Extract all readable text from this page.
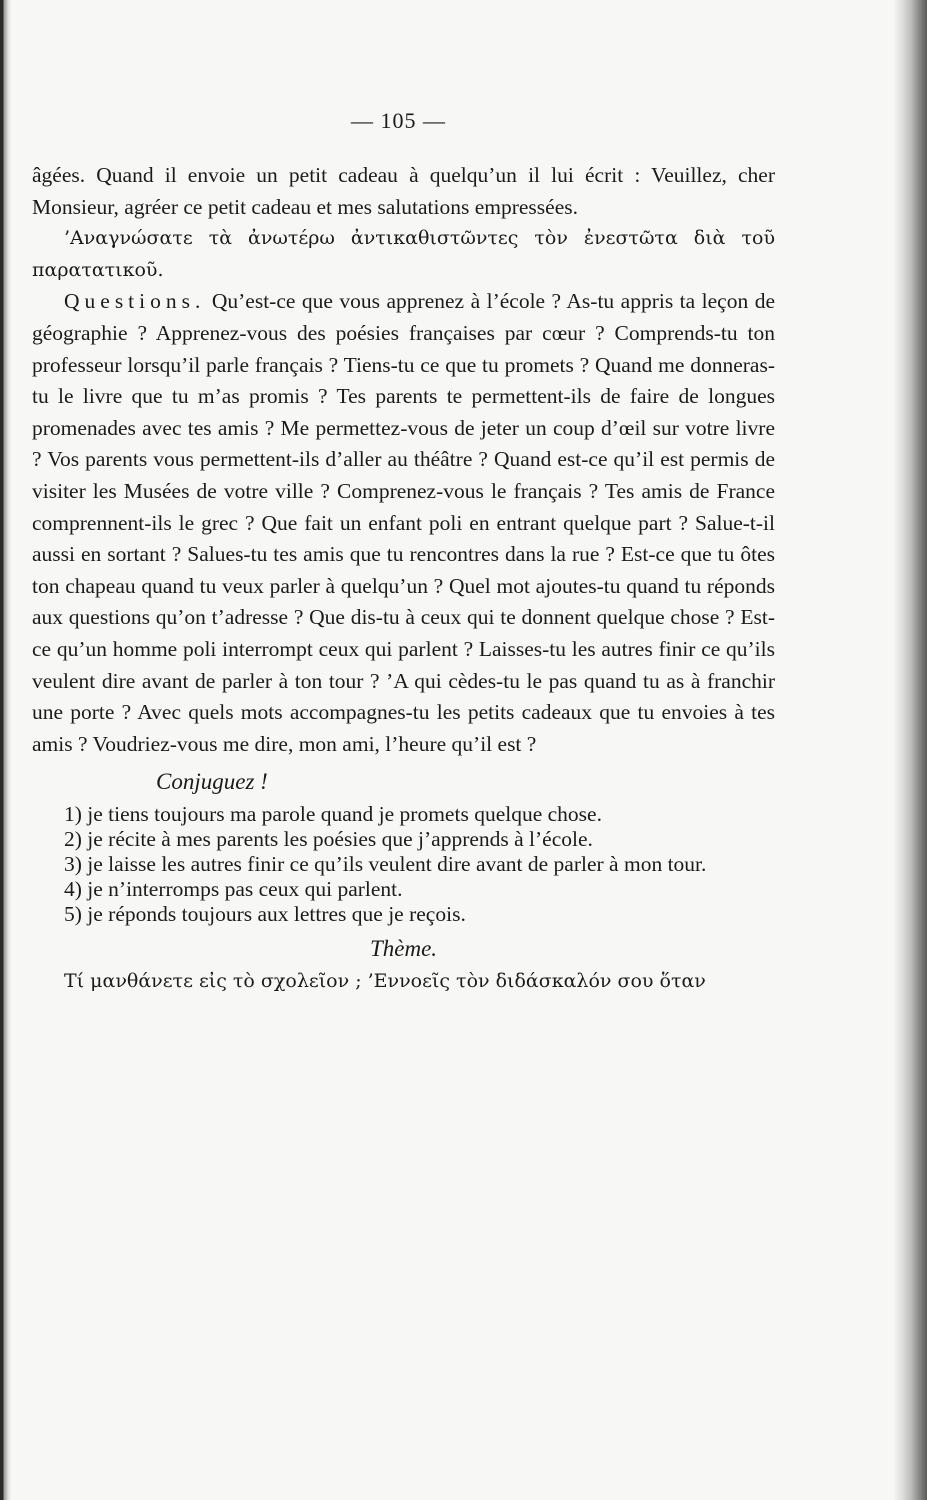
— 105 —

âgées. Quand il envoie un petit cadeau à quelqu’un il lui écrit : Veuillez, cher Monsieur, agréer ce petit cadeau et mes salutations empressées.

’Αναγνώσατε τὰ ἀνωτέρω ἀντικαθιστῶντες τὸν ἐνεστῶτα διὰ τοῦ παρατατικοῦ.

Questions. Qu’est-ce que vous apprenez à l’école ? As-tu appris ta leçon de géographie ? Apprenez-vous des poésies françaises par cœur ? Comprends-tu ton professeur lorsqu’il parle français ? Tiens-tu ce que tu promets ? Quand me donneras-tu le livre que tu m’as promis ? Tes parents te permettent-ils de faire de longues promenades avec tes amis ? Me permettez-vous de jeter un coup d’œil sur votre livre ? Vos parents vous permettent-ils d’aller au théâtre ? Quand est-ce qu’il est permis de visiter les Musées de votre ville ? Comprenez-vous le français ? Tes amis de France comprennent-ils le grec ? Que fait un enfant poli en entrant quelque part ? Salue-t-il aussi en sortant ? Salues-tu tes amis que tu rencontres dans la rue ? Est-ce que tu ôtes ton chapeau quand tu veux parler à quelqu’un ? Quel mot ajoutes-tu quand tu réponds aux questions qu’on t’adresse ? Que dis-tu à ceux qui te donnent quelque chose ? Est-ce qu’un homme poli interrompt ceux qui parlent ? Laisses-tu les autres finir ce qu’ils veulent dire avant de parler à ton tour ? ’A qui cèdes-tu le pas quand tu as à franchir une porte ? Avec quels mots accompagnes-tu les petits cadeaux que tu envoies à tes amis ? Voudriez-vous me dire, mon ami, l’heure qu’il est ?

Conjuguez !

1) je tiens toujours ma parole quand je promets quelque chose.

2) je récite à mes parents les poésies que j’apprends à l’école.

3) je laisse les autres finir ce qu’ils veulent dire avant de parler à mon tour.

4) je n’interromps pas ceux qui parlent.

5) je réponds toujours aux lettres que je reçois.

Thème.

Τί μανθάνετε εἰς τὸ σχολεῖον ; ’Εννοεῖς τὸν διδάσκαλόν σου ὅταν
